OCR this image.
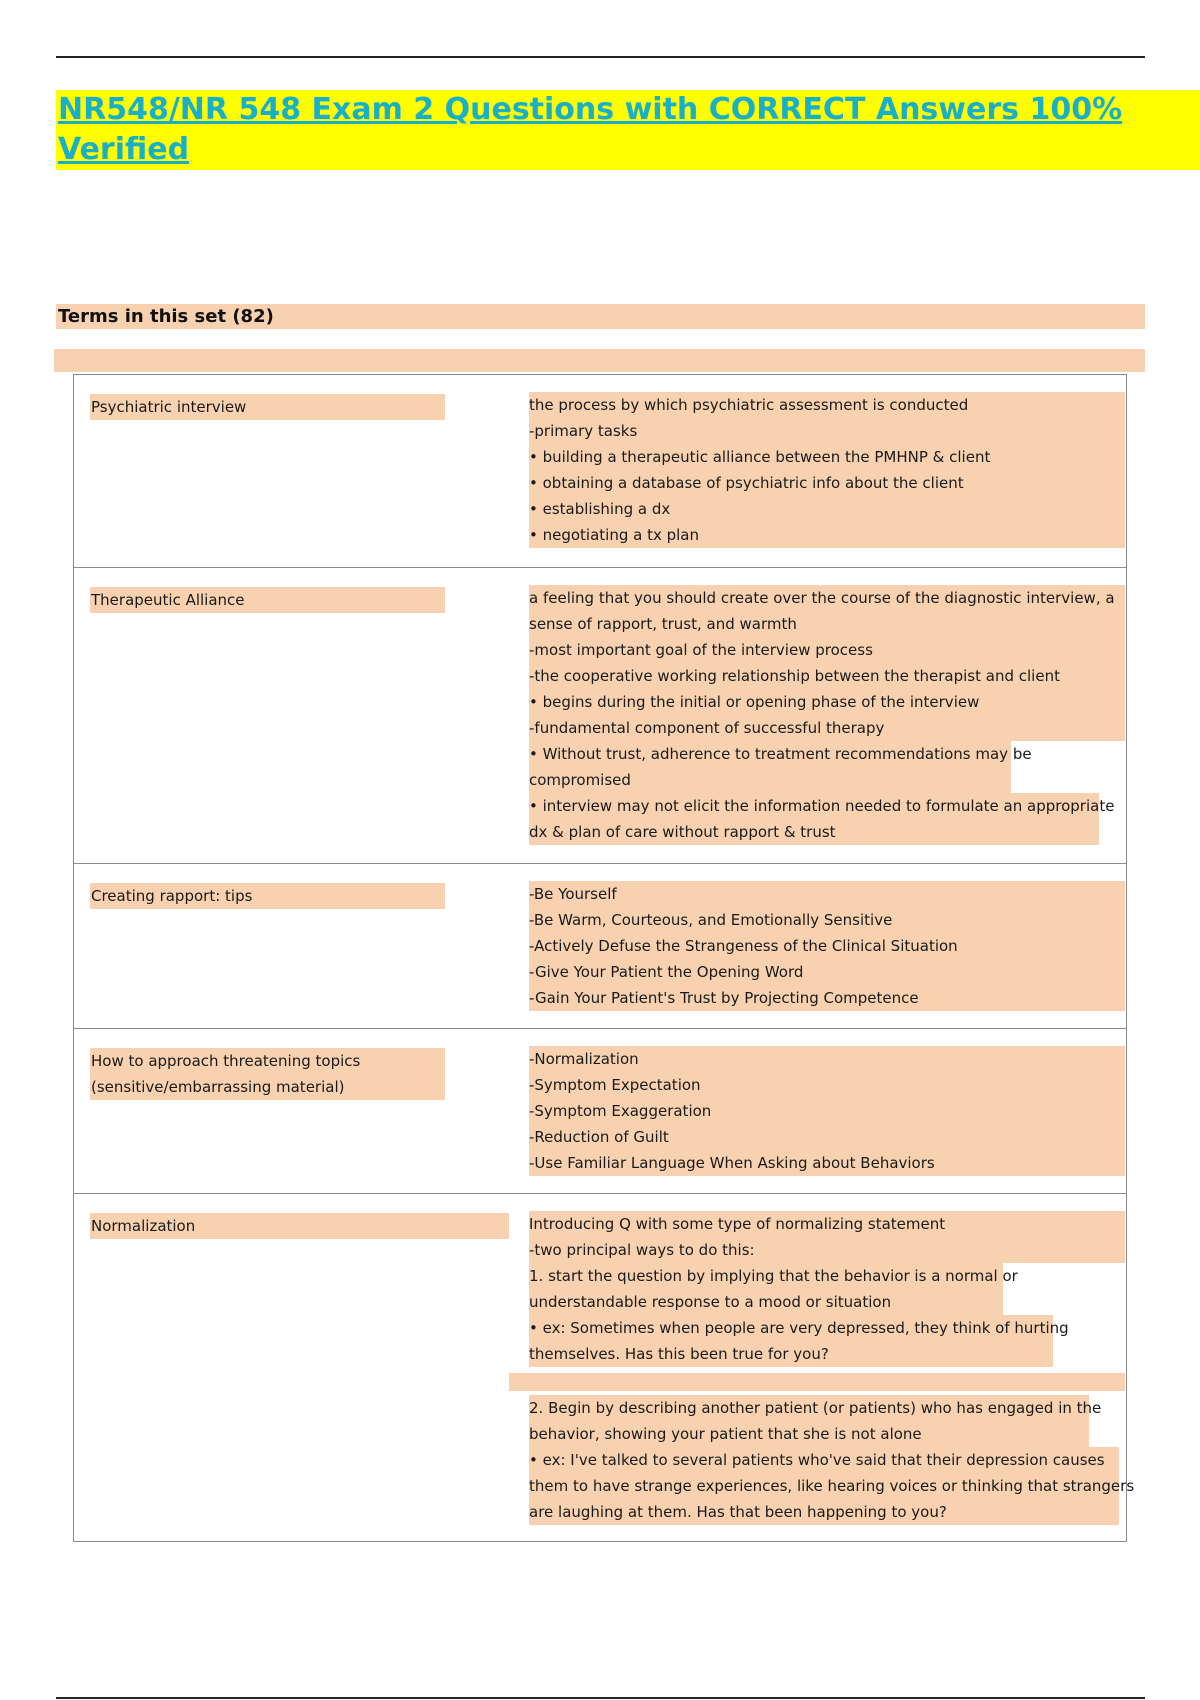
NR548/NR 548 Exam 2 Questions with CORRECT Answers 100% Verified
Terms in this set (82)
Psychiatric interview	the process by which psychiatric assessment is conducted
-primary tasks
• building a therapeutic alliance between the PMHNP & client
• obtaining a database of psychiatric info about the client
• establishing a dx
• negotiating a tx plan
Therapeutic Alliance	a feeling that you should create over the course of the diagnostic interview, a
sense of rapport, trust, and warmth
-most important goal of the interview process
-the cooperative working relationship between the therapist and client
• begins during the initial or opening phase of the interview
-fundamental component of successful therapy
• Without trust, adherence to treatment recommendations may be
compromised
• interview may not elicit the information needed to formulate an appropriate
dx & plan of care without rapport & trust
Creating rapport: tips	-Be Yourself
-Be Warm, Courteous, and Emotionally Sensitive
-Actively Defuse the Strangeness of the Clinical Situation
-Give Your Patient the Opening Word
-Gain Your Patient's Trust by Projecting Competence
How to approach threatening topics (sensitive/embarrassing material)
-Normalization
-Symptom Expectation
-Symptom Exaggeration
-Reduction of Guilt
-Use Familiar Language When Asking about Behaviors
Normalization	Introducing Q with some type of normalizing statement
-two principal ways to do this:
1. start the question by implying that the behavior is a normal or
understandable response to a mood or situation
• ex: Sometimes when people are very depressed, they think of hurting
themselves. Has this been true for you?
2. Begin by describing another patient (or patients) who has engaged in the
behavior, showing your patient that she is not alone
• ex: I've talked to several patients who've said that their depression causes
them to have strange experiences, like hearing voices or thinking that strangers
are laughing at them. Has that been happening to you?
